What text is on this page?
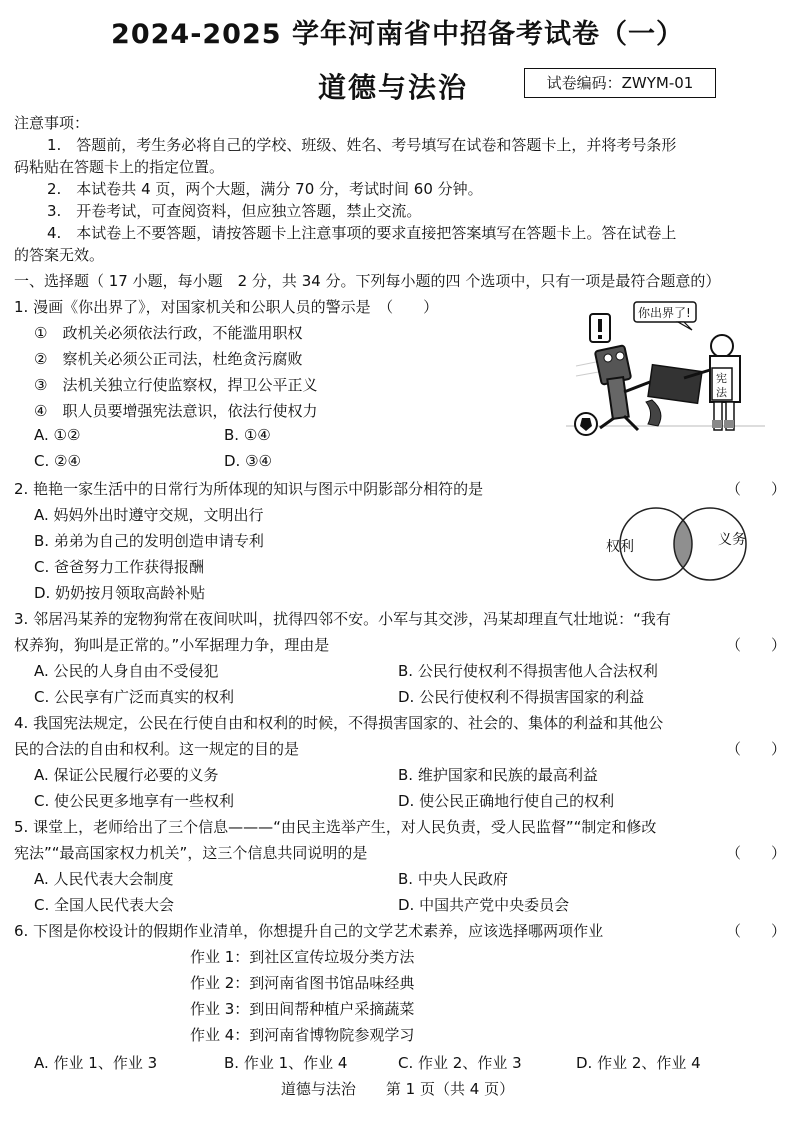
2024-2025 学年河南省中招备考试卷（一）
道德与法治	试卷编码：ZWYM-01
注意事项：
1.　答题前，考生务必将自己的学校、班级、姓名、考号填写在试卷和答题卡上，并将考号条形
码粘贴在答题卡上的指定位置。
2.　本试卷共 4 页，两个大题，满分 70 分，考试时间 60 分钟。
3.　开卷考试，可查阅资料，但应独立答题，禁止交流。
4.　本试卷上不要答题，请按答题卡上注意事项的要求直接把答案填写在答题卡上。答在试卷上
的答案无效。
一、选择题（ 17 小题，每小题　2 分，共 34 分。下列每小题的四 个选项中，只有一项是最符合题意的）
1. 漫画《你出界了》，对国家机关和公职人员的警示是　（　　）
①　政机关必须依法行政，不能滥用职权
②　察机关必须公正司法，杜绝贪污腐败
③　法机关独立行使监察权，捍卫公平正义
④　职人员要增强宪法意识，依法行使权力
A. ①②	B. ①④
C. ②④	D. ③④
宪
法
你出界了!
2. 艳艳一家生活中的日常行为所体现的知识与图示中阴影部分相符的是	（　　）
A. 妈妈外出时遵守交规，文明出行
B. 弟弟为自己的发明创造申请专利
C. 爸爸努力工作获得报酬
D. 奶奶按月领取高龄补贴
权利	义务
3. 邻居冯某养的宠物狗常在夜间吠叫，扰得四邻不安。小军与其交涉，冯某却理直气壮地说：“我有
权养狗，狗叫是正常的。”小军据理力争，理由是	（　　）
A. 公民的人身自由不受侵犯	B. 公民行使权利不得损害他人合法权利
C. 公民享有广泛而真实的权利	D. 公民行使权利不得损害国家的利益
4. 我国宪法规定，公民在行使自由和权利的时候，不得损害国家的、社会的、集体的利益和其他公
民的合法的自由和权利。这一规定的目的是	（　　）
A. 保证公民履行必要的义务	B. 维护国家和民族的最高利益
C. 使公民更多地享有一些权利	D. 使公民正确地行使自己的权利
5. 课堂上，老师给出了三个信息———“由民主选举产生，对人民负责，受人民监督”“制定和修改
宪法”“最高国家权力机关”，这三个信息共同说明的是	（　　）
A. 人民代表大会制度	B. 中央人民政府
C. 全国人民代表大会	D. 中国共产党中央委员会
6. 下图是你校设计的假期作业清单，你想提升自己的文学艺术素养，应该选择哪两项作业	（　　）
作业 1：到社区宣传垃圾分类方法
作业 2：到河南省图书馆品味经典
作业 3：到田间帮种植户采摘蔬菜
作业 4：到河南省博物院参观学习
A. 作业 1、作业 3	B. 作业 1、作业 4	C. 作业 2、作业 3	D. 作业 2、作业 4
道德与法治　　第 1 页（共 4 页）
